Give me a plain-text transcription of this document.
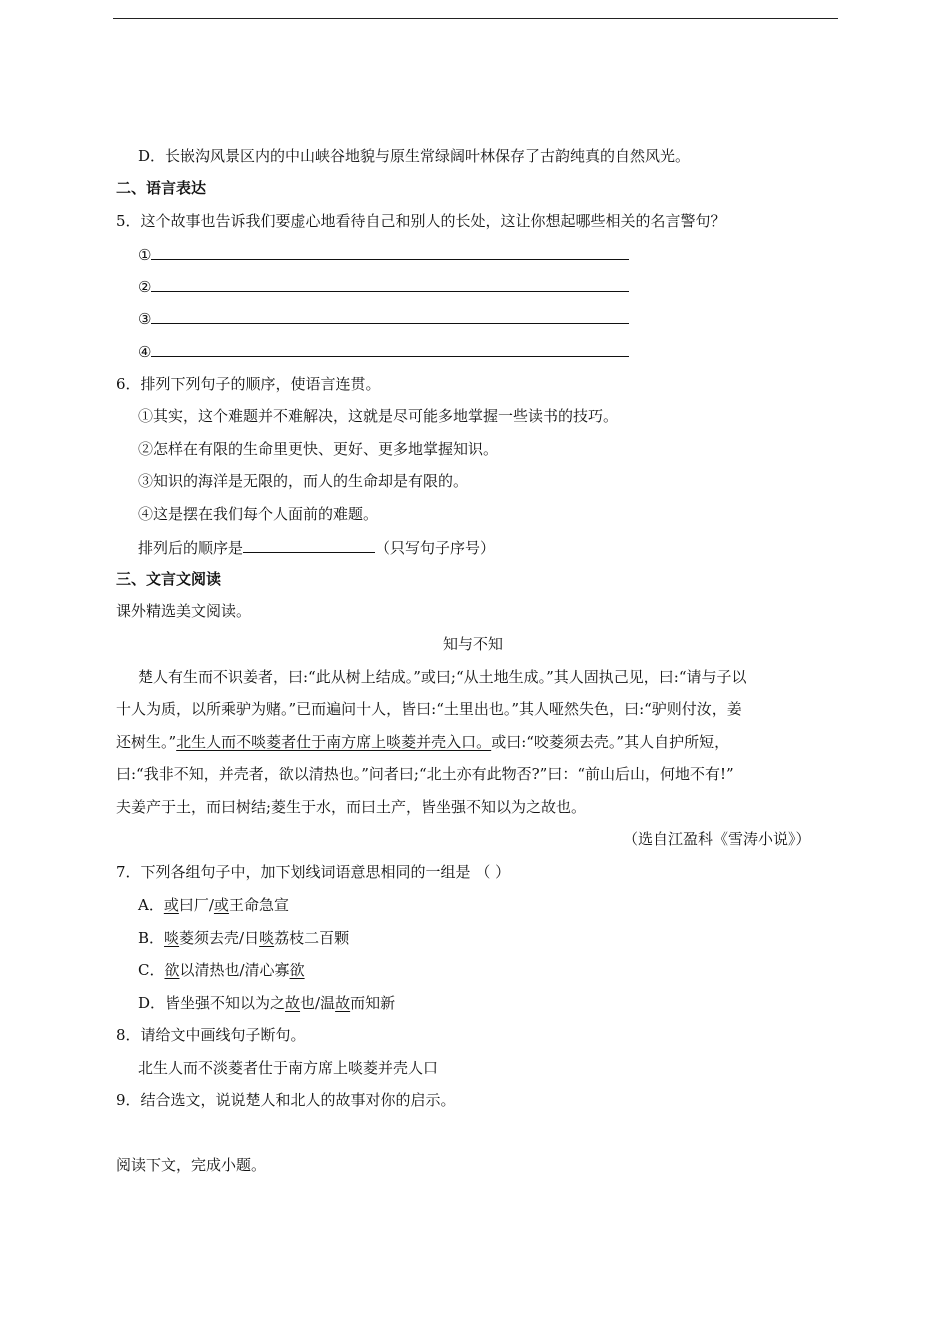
D．长嵌沟风景区内的中山峡谷地貌与原生常绿阔叶林保存了古韵纯真的自然风光。
二、语言表达
5．这个故事也告诉我们要虚心地看待自己和别人的长处，这让你想起哪些相关的名言警句？
①
②
③
④
6．排列下列句子的顺序，使语言连贯。
①其实，这个难题并不难解决，这就是尽可能多地掌握一些读书的技巧。
②怎样在有限的生命里更快、更好、更多地掌握知识。
③知识的海洋是无限的，而人的生命却是有限的。
④这是摆在我们每个人面前的难题。
排列后的顺序是	（只写句子序号）
三、文言文阅读
课外精选美文阅读。
知与不知
楚人有生而不识姜者，曰:“此从树上结成。”或曰;“从土地生成。”其人固执己见，曰:“请与子以
十人为质，以所乘驴为赌。”已而遍问十人，皆曰:“土里出也。”其人哑然失色，曰:“驴则付汝，姜
还树生。”北生人而不啖菱者仕于南方席上啖菱并壳入口。或曰:“咬菱须去壳。”其人自护所短，
曰:“我非不知，并壳者，欲以清热也。”问者曰;“北土亦有此物否?”曰：“前山后山，何地不有!”
夫姜产于土，而曰树结;菱生于水，而曰土产，皆坐强不知以为之故也。
（选自江盈科《雪涛小说》）
7．下列各组句子中，加下划线词语意思相同的一组是 （ ）
A．或曰厂/或王命急宣
B．啖菱须去壳/日啖荔枝二百颗
C．欲以清热也/清心寡欲
D．皆坐强不知以为之故也/温故而知新
8．请给文中画线句子断句。
北生人而不淡菱者仕于南方席上啖菱并壳人口
9．结合选文，说说楚人和北人的故事对你的启示。
阅读下文，完成小题。
